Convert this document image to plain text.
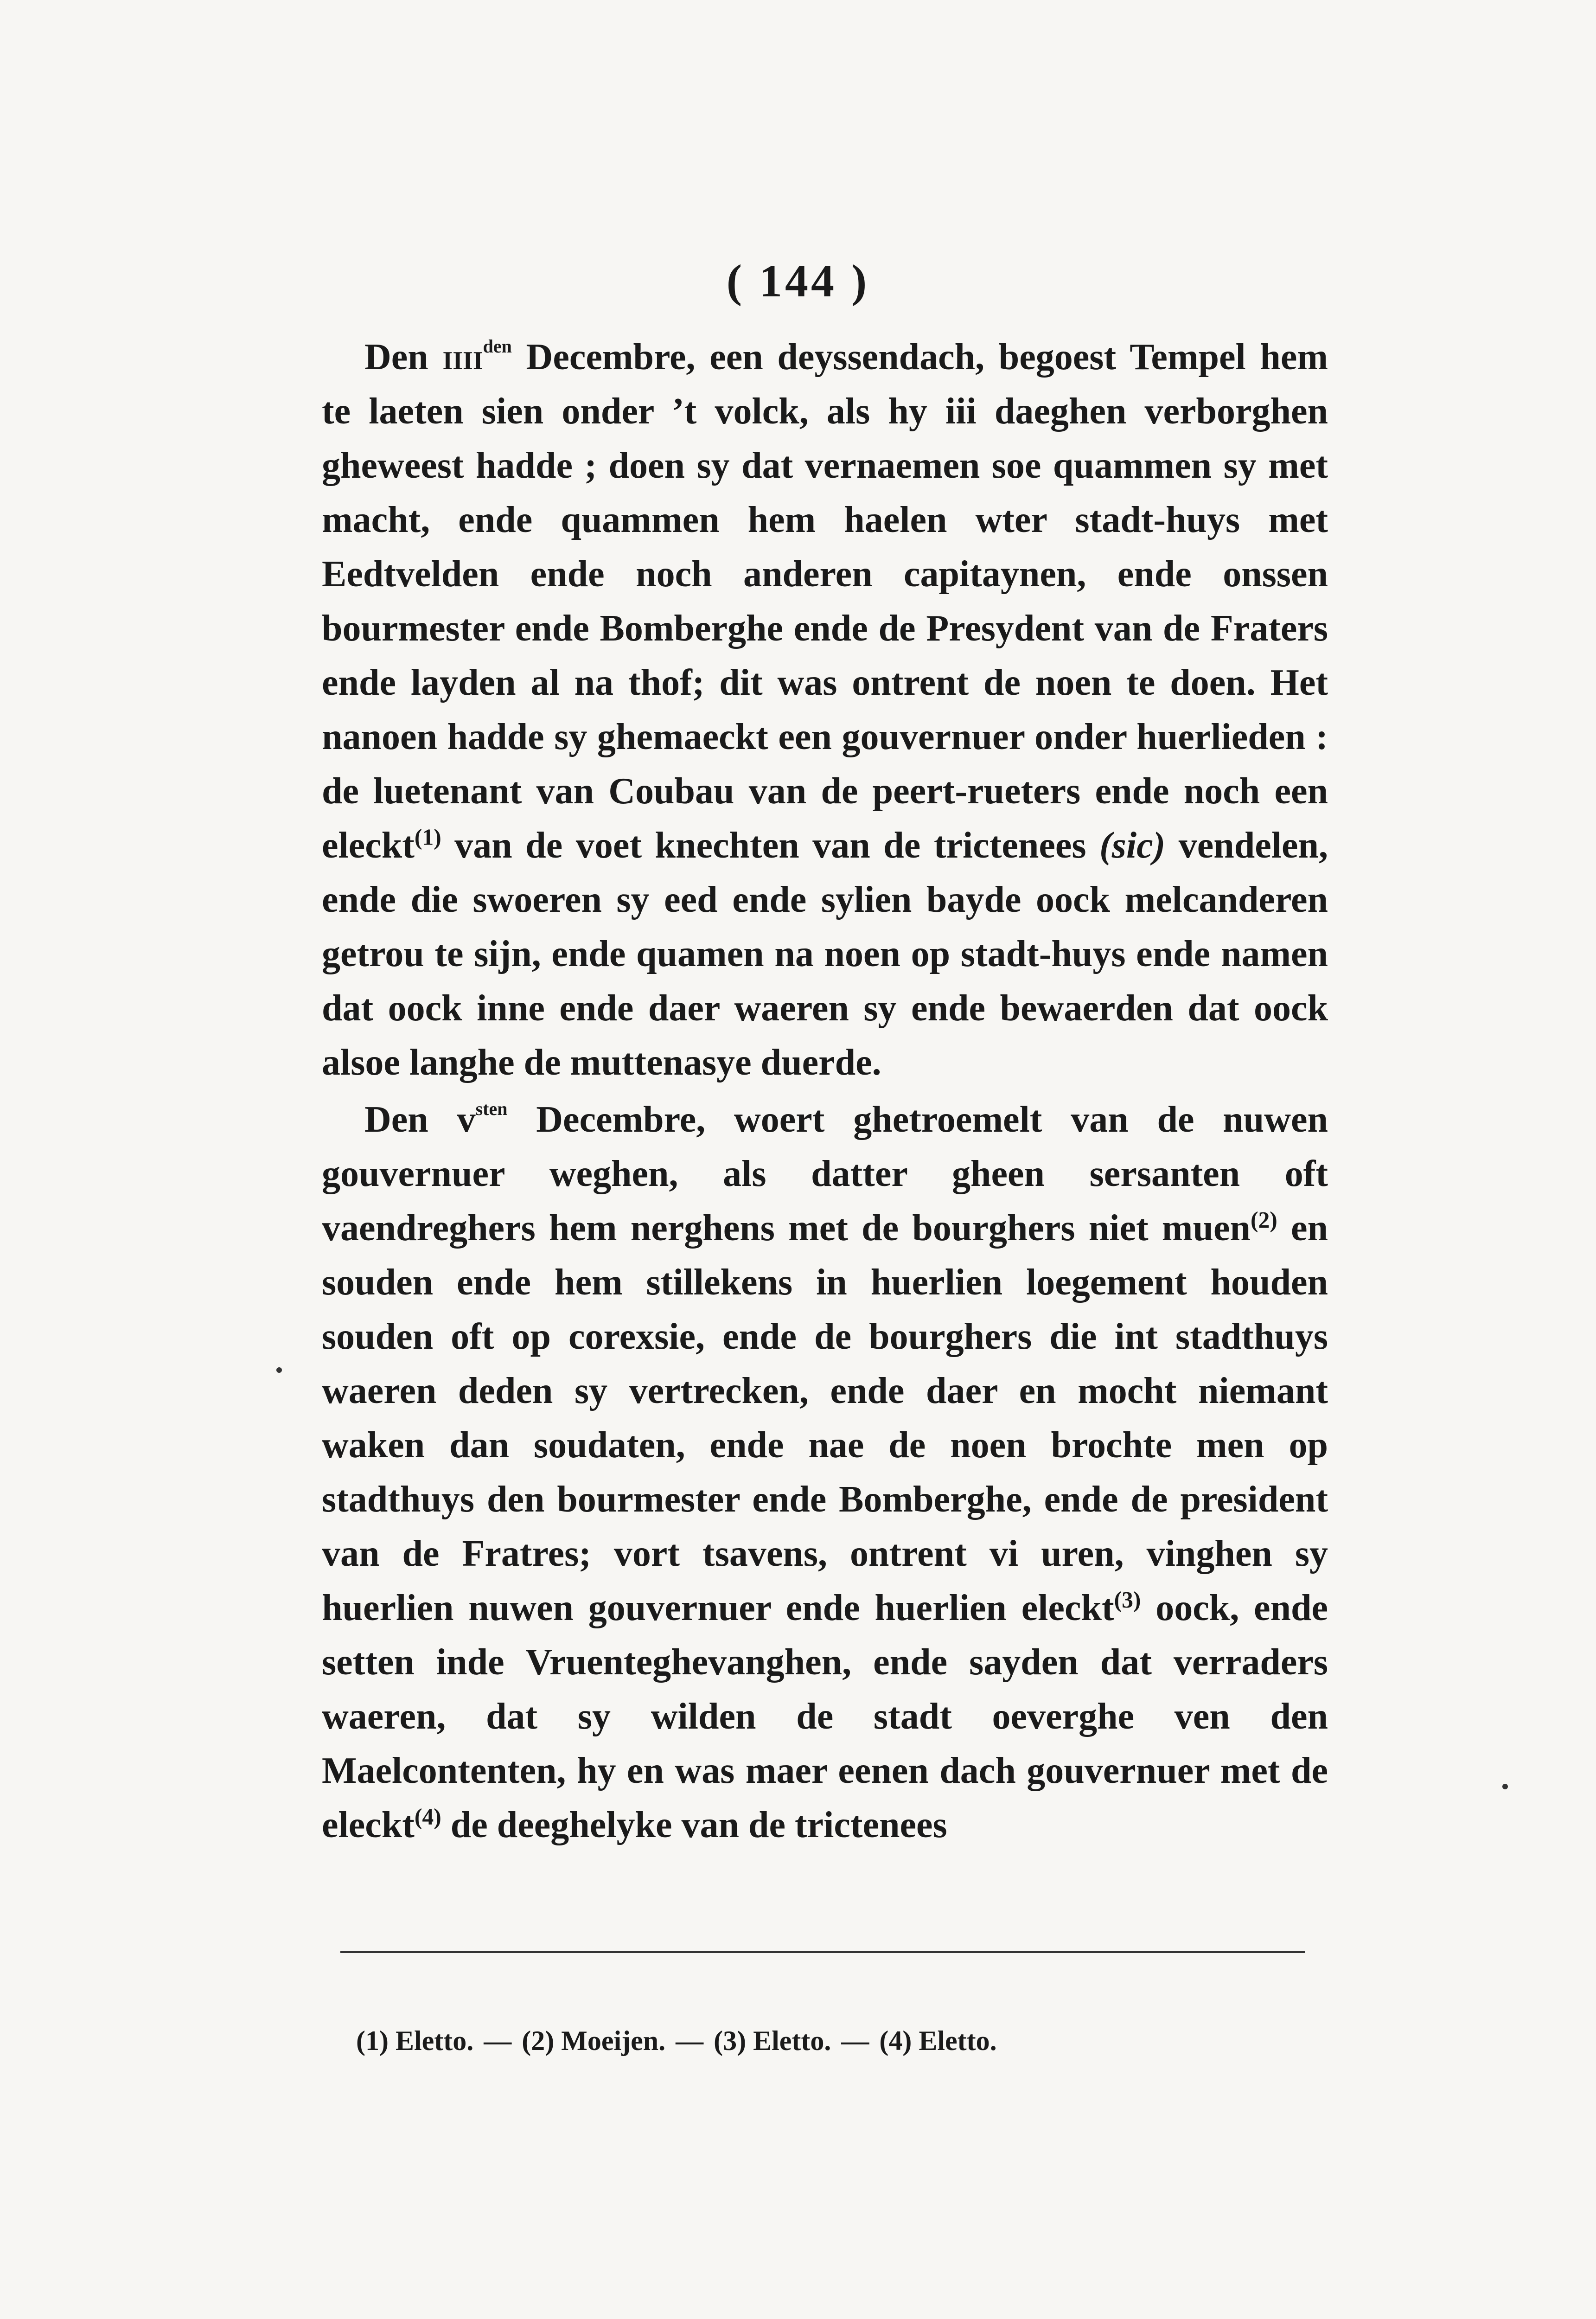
( 144 )

Den iiii$^{den}$ Decembre, een deyssendach, begoest Tempel hem te laeten sien onder ’t volck, als hy iii daeghen verborghen gheweest hadde ; doen sy dat vernaemen soe quammen sy met macht, ende quammen hem haelen wter stadt-huys met Eedtvelden ende noch anderen capitaynen, ende onssen bourmester ende Bomberghe ende de Presydent van de Fraters ende layden al na thof; dit was ontrent de noen te doen. Het nanoen hadde sy ghemaeckt een gouvernuer onder huerlieden : de luetenant van Coubau van de peert-rueters ende noch een eleckt$^{(1)}$ van de voet knechten van de trictenees (sic) vendelen, ende die swoeren sy eed ende sylien bayde oock melcanderen getrou te sijn, ende quamen na noen op stadt-huys ende namen dat oock inne ende daer waeren sy ende bewaerden dat oock alsoe langhe de muttenasye duerde.

Den $v^{sten}$ Decembre, woert ghetroemelt van de nuwen gouvernuer weghen, als datter gheen sersanten oft vaendreghers hem nerghens met de bourghers niet muen$^{(2)}$ en souden ende hem stillekens in huerlien loegement houden souden oft op corexsie, ende de bourghers die int stadthuys waeren deden sy vertrecken, ende daer en mocht niemant waken dan soudaten, ende nae de noen brochte men op stadthuys den bourmester ende Bomberghe, ende de president van de Fratres; vort tsavens, ontrent vi uren, vinghen sy huerlien nuwen gouvernuer ende huerlien eleckt$^{(3)}$ oock, ende setten inde Vruenteghevanghen, ende sayden dat verraders waeren, dat sy wilden de stadt oeverghe ven den Maelcontenten, hy en was maer eenen dach gouvernuer met de eleckt$^{(4)}$ de deeghelyke van de trictenees

(1) Eletto. — (2) Moeijen. — (3) Eletto. — (4) Eletto.
